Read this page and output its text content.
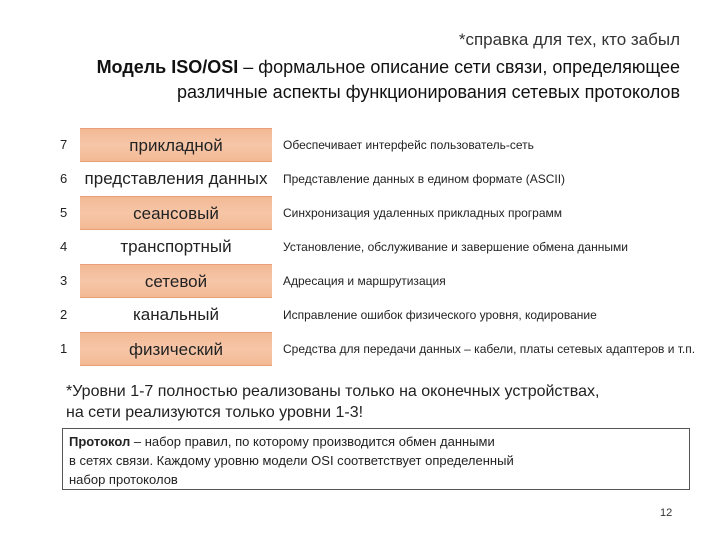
*справка для тех, кто забыл
Модель ISO/OSI – формальное описание сети связи, определяющее
различные аспекты функционирования сетевых протоколов
7	прикладной	Обеспечивает интерфейс пользователь-сеть
6	представления данных	Представление данных в едином формате (ASCII)
5	сеансовый	Синхронизация удаленных прикладных программ
4	транспортный	Установление, обслуживание и завершение обмена данными
3	сетевой	Адресация и маршрутизация
2	канальный	Исправление ошибок физического уровня, кодирование
1	физический	Средства для передачи данных – кабели, платы сетевых адаптеров и т.п.
*Уровни 1-7 полностью реализованы только на оконечных устройствах,
на сети реализуются только уровни 1-3!
Протокол – набор правил, по которому производится обмен данными
в сетях связи. Каждому уровню модели OSI соответствует определенный
набор протоколов
12
